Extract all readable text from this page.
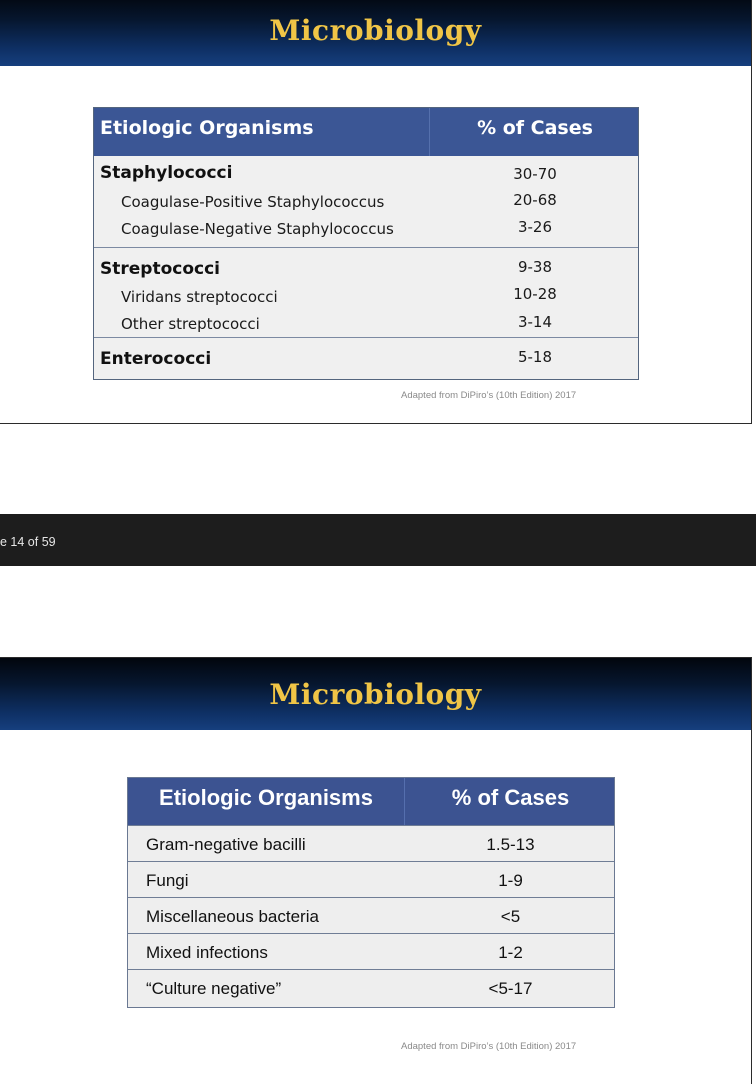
Microbiology
Etiologic Organisms	% of Cases
Staphylococci	30-70
Coagulase-Positive Staphylococcus	20-68
Coagulase-Negative Staphylococcus	3-26
Streptococci	9-38
Viridans streptococci	10-28
Other streptococci	3-14
Enterococci	5-18
Adapted from DiPiro’s (10th Edition) 2017
e 14 of 59
Microbiology
Etiologic Organisms	% of Cases
Gram-negative bacilli	1.5-13
Fungi	1-9
Miscellaneous bacteria	<5
Mixed infections	1-2
“Culture negative”	<5-17
Adapted from DiPiro’s (10th Edition) 2017
